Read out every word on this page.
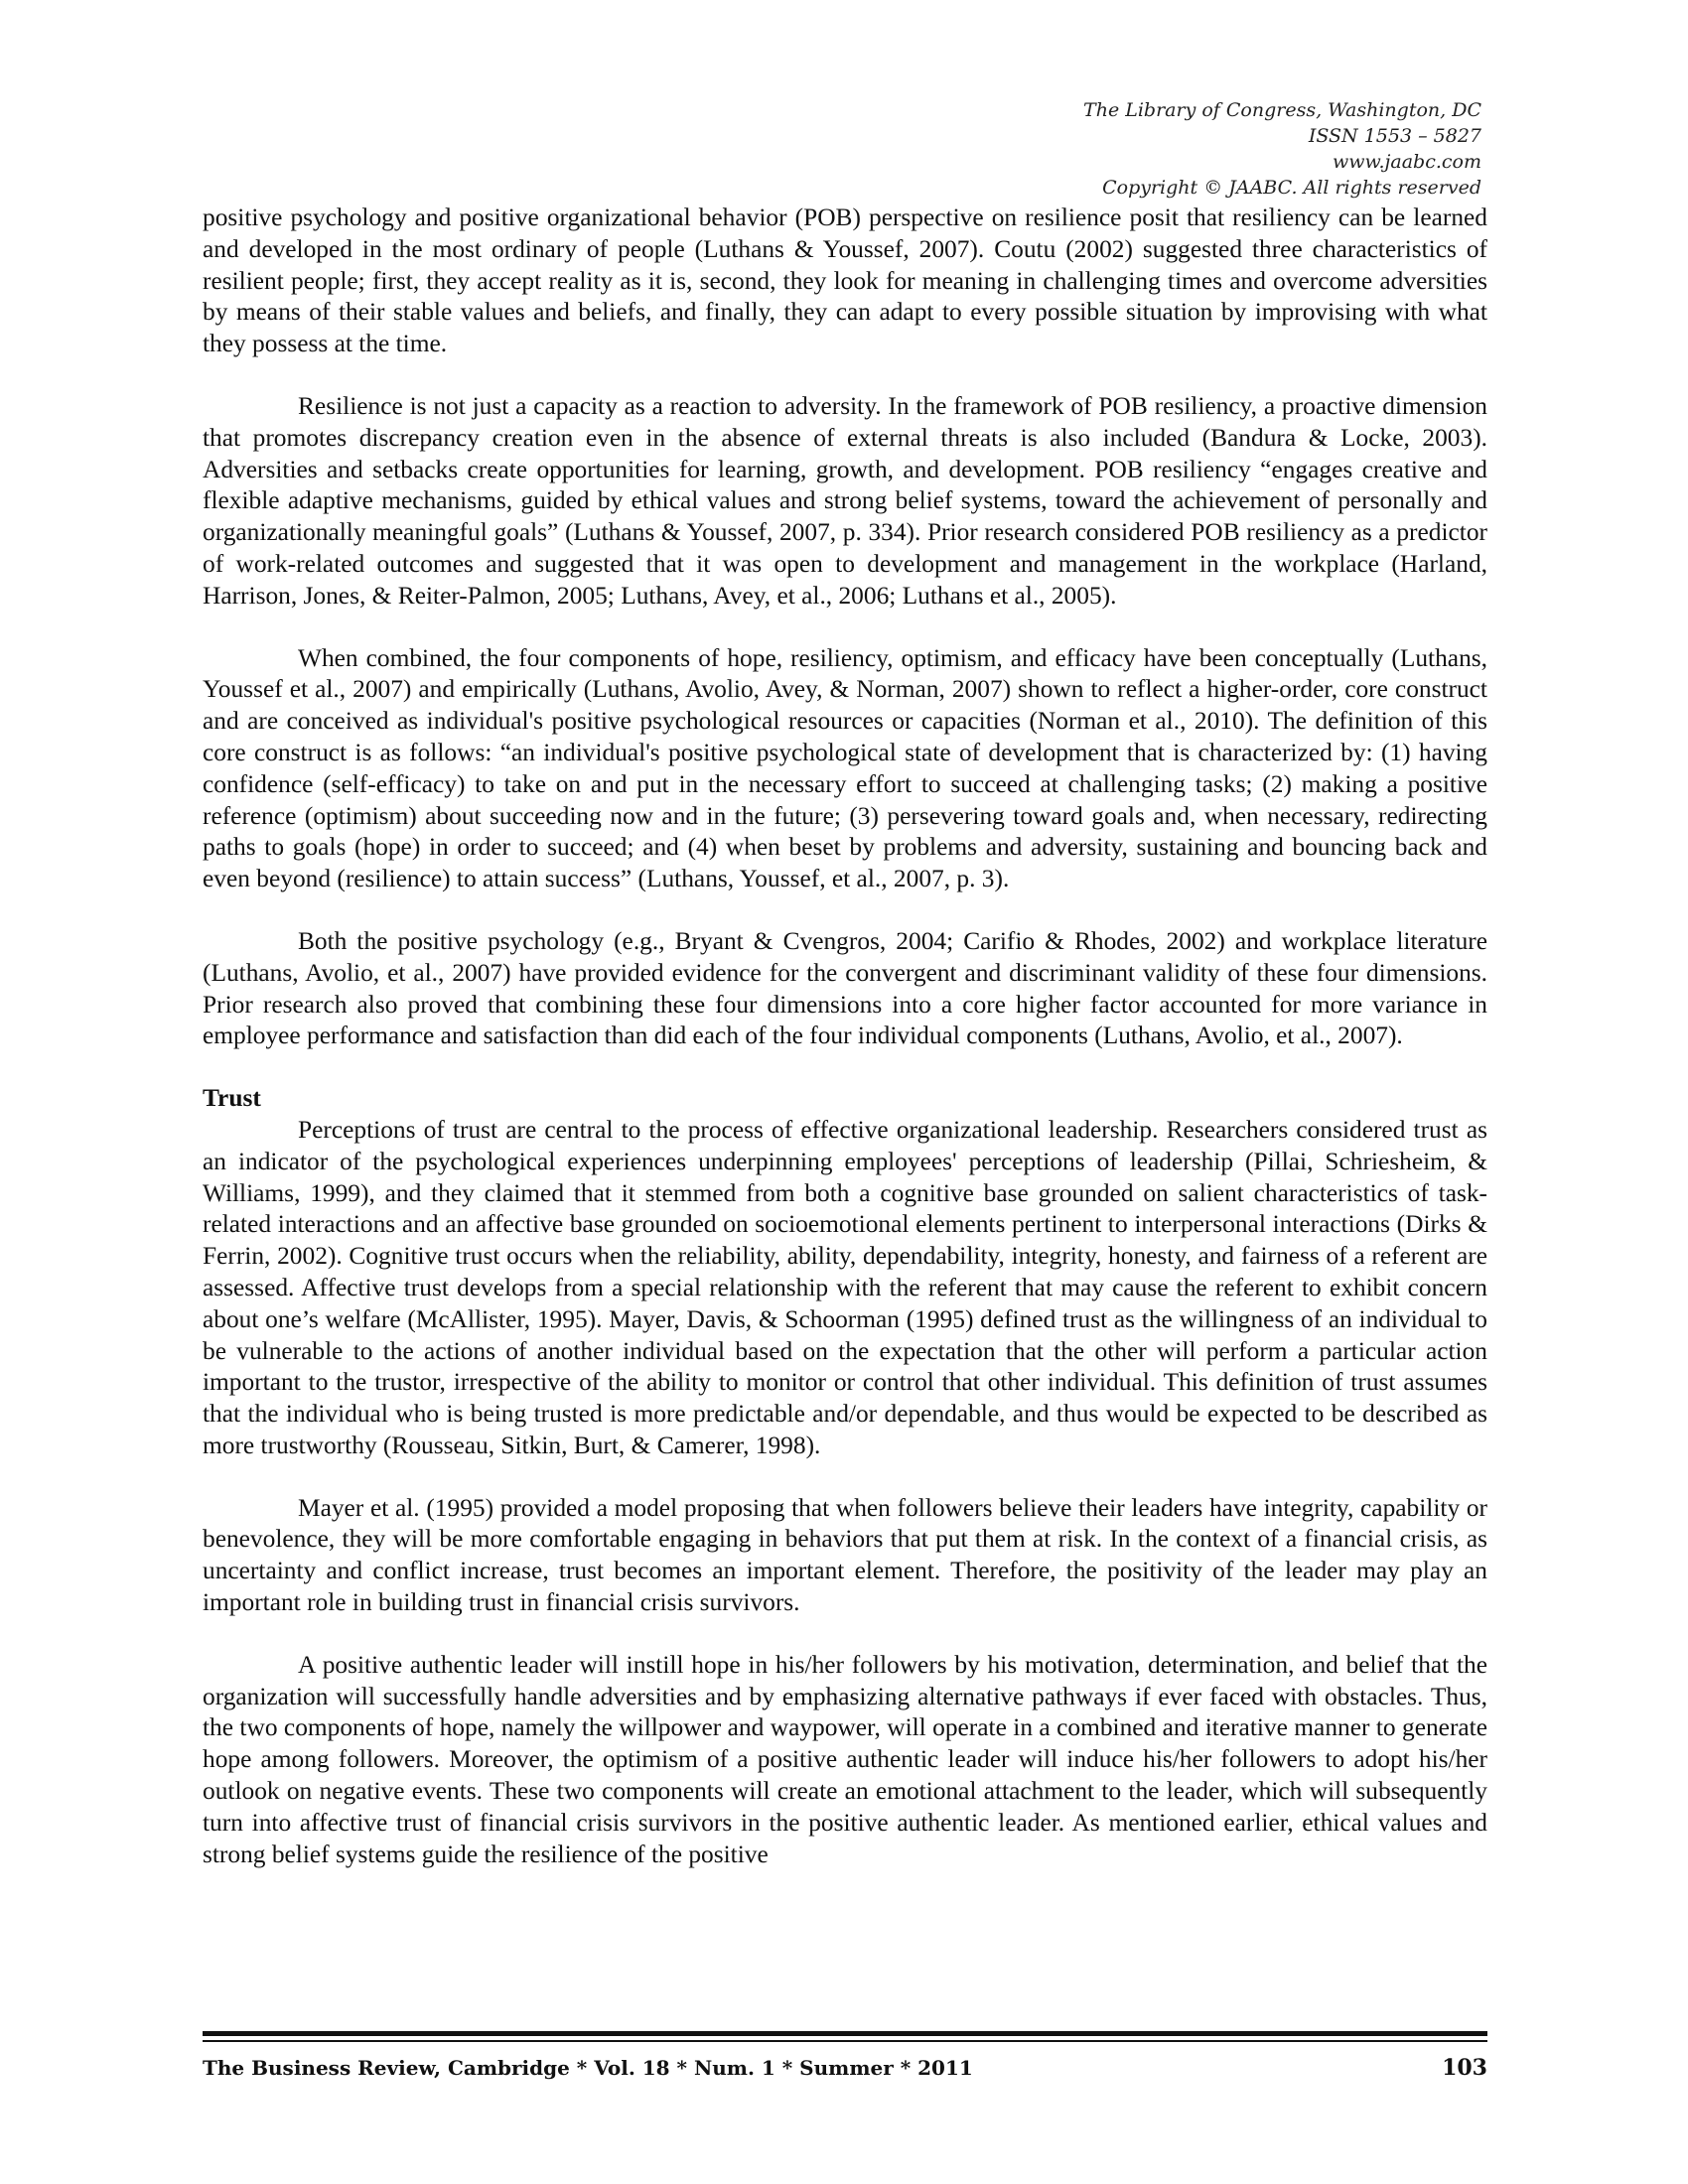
The Library of Congress, Washington, DC
ISSN 1553 – 5827
www.jaabc.com
Copyright © JAABC. All rights reserved

positive psychology and positive organizational behavior (POB) perspective on resilience posit that resiliency can be learned and developed in the most ordinary of people (Luthans & Youssef, 2007). Coutu (2002) suggested three characteristics of resilient people; first, they accept reality as it is, second, they look for meaning in challenging times and overcome adversities by means of their stable values and beliefs, and finally, they can adapt to every possible situation by improvising with what they possess at the time.

Resilience is not just a capacity as a reaction to adversity. In the framework of POB resiliency, a proactive dimension that promotes discrepancy creation even in the absence of external threats is also included (Bandura & Locke, 2003). Adversities and setbacks create opportunities for learning, growth, and development. POB resiliency “engages creative and flexible adaptive mechanisms, guided by ethical values and strong belief systems, toward the achievement of personally and organizationally meaningful goals” (Luthans & Youssef, 2007, p. 334). Prior research considered POB resiliency as a predictor of work-related outcomes and suggested that it was open to development and management in the workplace (Harland, Harrison, Jones, & Reiter-Palmon, 2005; Luthans, Avey, et al., 2006; Luthans et al., 2005).

When combined, the four components of hope, resiliency, optimism, and efficacy have been conceptually (Luthans, Youssef et al., 2007) and empirically (Luthans, Avolio, Avey, & Norman, 2007) shown to reflect a higher-order, core construct and are conceived as individual's positive psychological resources or capacities (Norman et al., 2010). The definition of this core construct is as follows: “an individual's positive psychological state of development that is characterized by: (1) having confidence (self-efficacy) to take on and put in the necessary effort to succeed at challenging tasks; (2) making a positive reference (optimism) about succeeding now and in the future; (3) persevering toward goals and, when necessary, redirecting paths to goals (hope) in order to succeed; and (4) when beset by problems and adversity, sustaining and bouncing back and even beyond (resilience) to attain success” (Luthans, Youssef, et al., 2007, p. 3).

Both the positive psychology (e.g., Bryant & Cvengros, 2004; Carifio & Rhodes, 2002) and workplace literature (Luthans, Avolio, et al., 2007) have provided evidence for the convergent and discriminant validity of these four dimensions. Prior research also proved that combining these four dimensions into a core higher factor accounted for more variance in employee performance and satisfaction than did each of the four individual components (Luthans, Avolio, et al., 2007).

Trust

Perceptions of trust are central to the process of effective organizational leadership. Researchers considered trust as an indicator of the psychological experiences underpinning employees' perceptions of leadership (Pillai, Schriesheim, & Williams, 1999), and they claimed that it stemmed from both a cognitive base grounded on salient characteristics of task-related interactions and an affective base grounded on socioemotional elements pertinent to interpersonal interactions (Dirks & Ferrin, 2002). Cognitive trust occurs when the reliability, ability, dependability, integrity, honesty, and fairness of a referent are assessed. Affective trust develops from a special relationship with the referent that may cause the referent to exhibit concern about one’s welfare (McAllister, 1995). Mayer, Davis, & Schoorman (1995) defined trust as the willingness of an individual to be vulnerable to the actions of another individual based on the expectation that the other will perform a particular action important to the trustor, irrespective of the ability to monitor or control that other individual. This definition of trust assumes that the individual who is being trusted is more predictable and/or dependable, and thus would be expected to be described as more trustworthy (Rousseau, Sitkin, Burt, & Camerer, 1998).

Mayer et al. (1995) provided a model proposing that when followers believe their leaders have integrity, capability or benevolence, they will be more comfortable engaging in behaviors that put them at risk. In the context of a financial crisis, as uncertainty and conflict increase, trust becomes an important element. Therefore, the positivity of the leader may play an important role in building trust in financial crisis survivors.

A positive authentic leader will instill hope in his/her followers by his motivation, determination, and belief that the organization will successfully handle adversities and by emphasizing alternative pathways if ever faced with obstacles. Thus, the two components of hope, namely the willpower and waypower, will operate in a combined and iterative manner to generate hope among followers. Moreover, the optimism of a positive authentic leader will induce his/her followers to adopt his/her outlook on negative events. These two components will create an emotional attachment to the leader, which will subsequently turn into affective trust of financial crisis survivors in the positive authentic leader. As mentioned earlier, ethical values and strong belief systems guide the resilience of the positive

The Business Review, Cambridge * Vol. 18 * Num. 1 * Summer * 2011	103
